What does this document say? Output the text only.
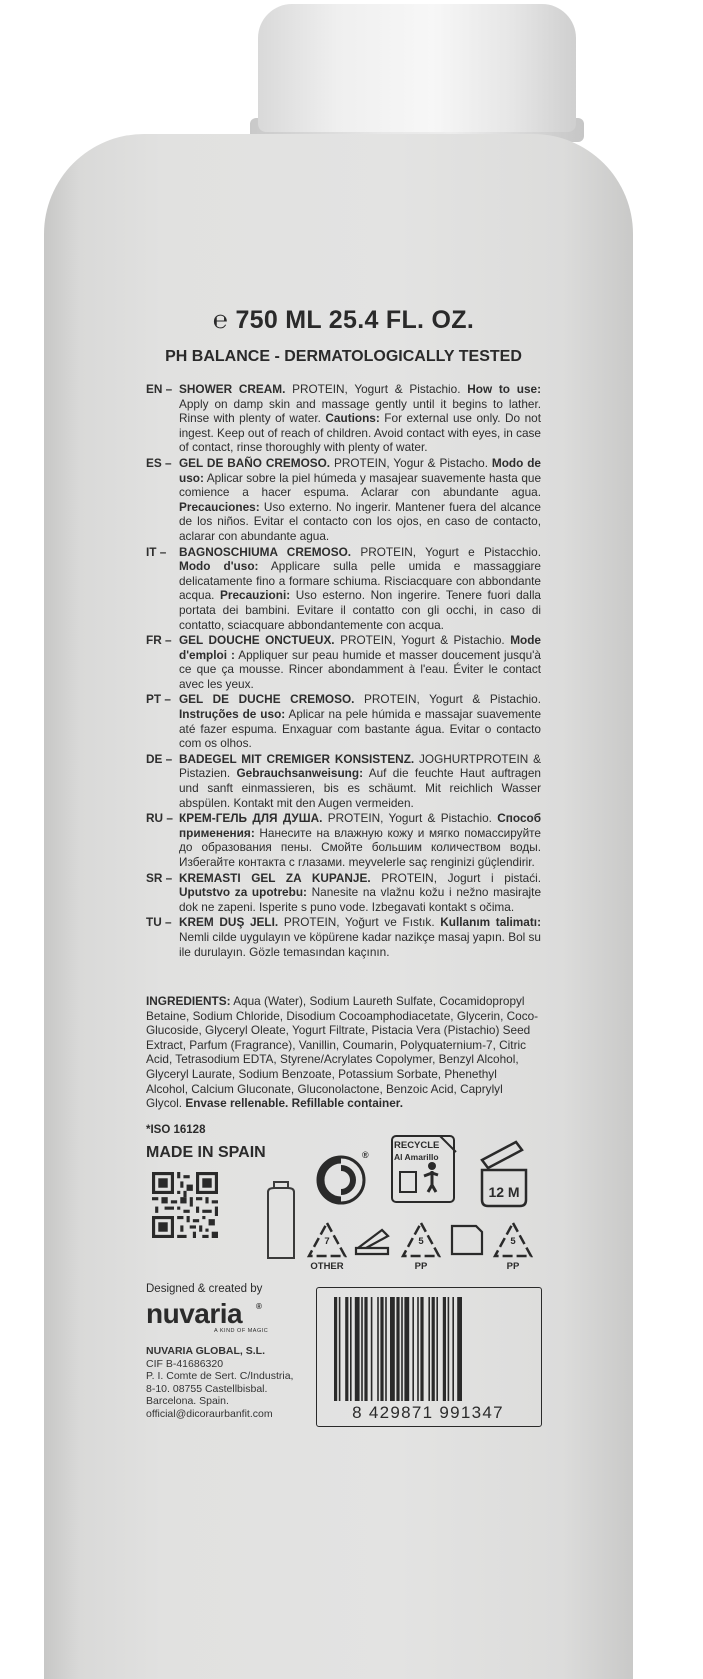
℮ 750 ML 25.4 FL. OZ.
PH BALANCE - DERMATOLOGICALLY TESTED
EN – SHOWER CREAM. PROTEIN, Yogurt & Pistachio. How to use: Apply on damp skin and massage gently until it begins to lather. Rinse with plenty of water. Cautions: For external use only. Do not ingest. Keep out of reach of children. Avoid contact with eyes, in case of contact, rinse thoroughly with plenty of water.
ES – GEL DE BAÑO CREMOSO. PROTEIN, Yogur & Pistacho. Modo de uso: Aplicar sobre la piel húmeda y masajear suavemente hasta que comience a hacer espuma. Aclarar con abundante agua. Precauciones: Uso externo. No ingerir. Mantener fuera del alcance de los niños. Evitar el contacto con los ojos, en caso de contacto, aclarar con abundante agua.
IT –	BAGNOSCHIUMA CREMOSO. PROTEIN, Yogurt e Pistacchio. Modo d'uso: Applicare sulla pelle umida e massaggiare delicatamente fino a formare schiuma. Risciacquare con abbondante acqua. Precauzioni: Uso esterno. Non ingerire. Tenere fuori dalla portata dei bambini. Evitare il contatto con gli occhi, in caso di contatto, sciacquare abbondantemente con acqua.
FR – GEL DOUCHE ONCTUEUX. PROTEIN, Yogurt & Pistachio. Mode d'emploi : Appliquer sur peau humide et masser doucement jusqu'à ce que ça mousse. Rincer abondamment à l'eau. Éviter le contact avec les yeux.
PT – GEL DE DUCHE CREMOSO. PROTEIN, Yogurt & Pistachio. Instruções de uso: Aplicar na pele húmida e massajar suavemente até fazer espuma. Enxaguar com bastante água. Evitar o contacto com os olhos.
DE – BADEGEL MIT CREMIGER KONSISTENZ. JOGHURTPROTEIN & Pistazien. Gebrauchsanweisung: Auf die feuchte Haut auftragen und sanft einmassieren, bis es schäumt. Mit reichlich Wasser abspülen. Kontakt mit den Augen vermeiden.
RU – КРЕМ-ГЕЛЬ ДЛЯ ДУША. PROTEIN, Yogurt & Pistachio. Способ применения: Нанесите на влажную кожу и мягко помассируйте до образования пены. Смойте большим количеством воды. Избегайте контакта с глазами. meyvelerle saç renginizi güçlendirir.
SR – KREMASTI GEL ZA KUPANJE. PROTEIN, Jogurt i pistaći. Uputstvo za upotrebu: Nanesite na vlažnu kožu i nežno masirajte dok ne zapeni. Isperite s puno vode. Izbegavati kontakt s očima.
TU – KREM DUŞ JELI. PROTEIN, Yoğurt ve Fıstık. Kullanım talimatı: Nemli cilde uygulayın ve köpürene kadar nazikçe masaj yapın. Bol su ile durulayın. Gözle temasından kaçının.
INGREDIENTS: Aqua (Water), Sodium Laureth Sulfate, Cocamidopropyl Betaine, Sodium Chloride, Disodium Cocoamphodiacetate, Glycerin, Coco-Glucoside, Glyceryl Oleate, Yogurt Filtrate, Pistacia Vera (Pistachio) Seed Extract, Parfum (Fragrance), Vanillin, Coumarin, Polyquaternium-7, Citric Acid, Tetrasodium EDTA, Styrene/Acrylates Copolymer, Benzyl Alcohol, Glyceryl Laurate, Sodium Benzoate, Potassium Sorbate, Phenethyl Alcohol, Calcium Gluconate, Gluconolactone, Benzoic Acid, Caprylyl Glycol. Envase rellenable. Refillable container.
*ISO 16128
MADE IN SPAIN	®
RECYCLE
Al Amarillo
12 M
7
OTHER
5
PP
5
PP
Designed & created by
nuvaria ®
A KIND OF MAGIC
NUVARIA GLOBAL, S.L.
CIF B-41686320
P. I. Comte de Sert. C/Industria,
8-10. 08755 Castellbisbal.
Barcelona. Spain.
official@dicoraurbanfit.com	8 429871 991347
